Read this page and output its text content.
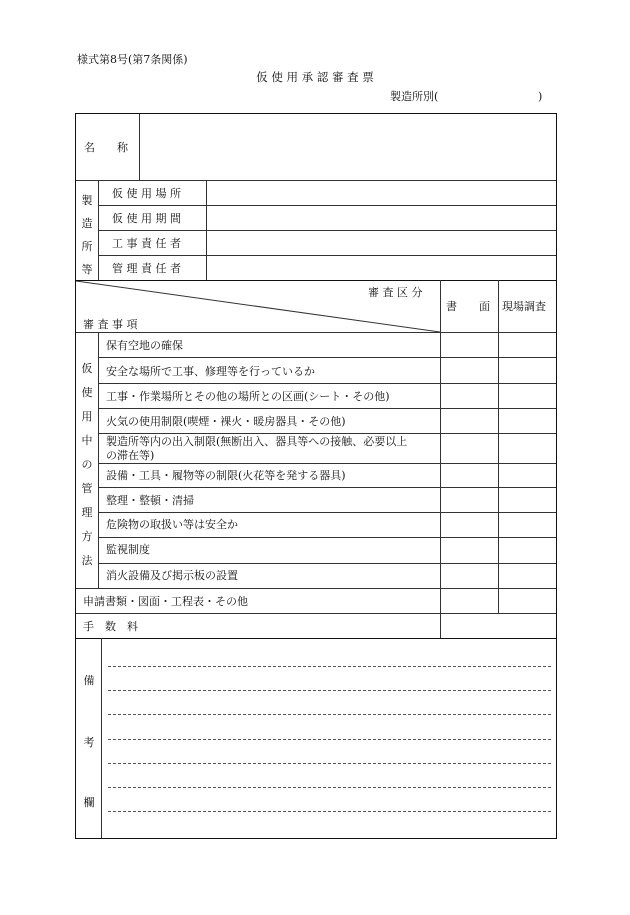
様式第8号(第7条関係)
仮 使 用 承 認 審 査 票
製造所別(	)
名　　称
製
造
所
等
仮 使 用 場 所
仮 使 用 期 間
工 事 責 任 者
管 理 責 任 者
審 査 区 分
審 査 事 項
書　　面 現場調査
仮
使
用
中
の
管
理
方
法
保有空地の確保
安全な場所で工事、修理等を行っているか
工事・作業場所とその他の場所との区画(シート・その他)
火気の使用制限(喫煙・裸火・暖房器具・その他)
製造所等内の出入制限(無断出入、器具等への接触、必要以上
の滞在等)
設備・工具・履物等の制限(火花等を発する器具)
整理・整頓・清掃
危険物の取扱い等は安全か
監視制度
消火設備及び掲示板の設置
申請書類・図面・工程表・その他
手　数　料
備
考
欄
